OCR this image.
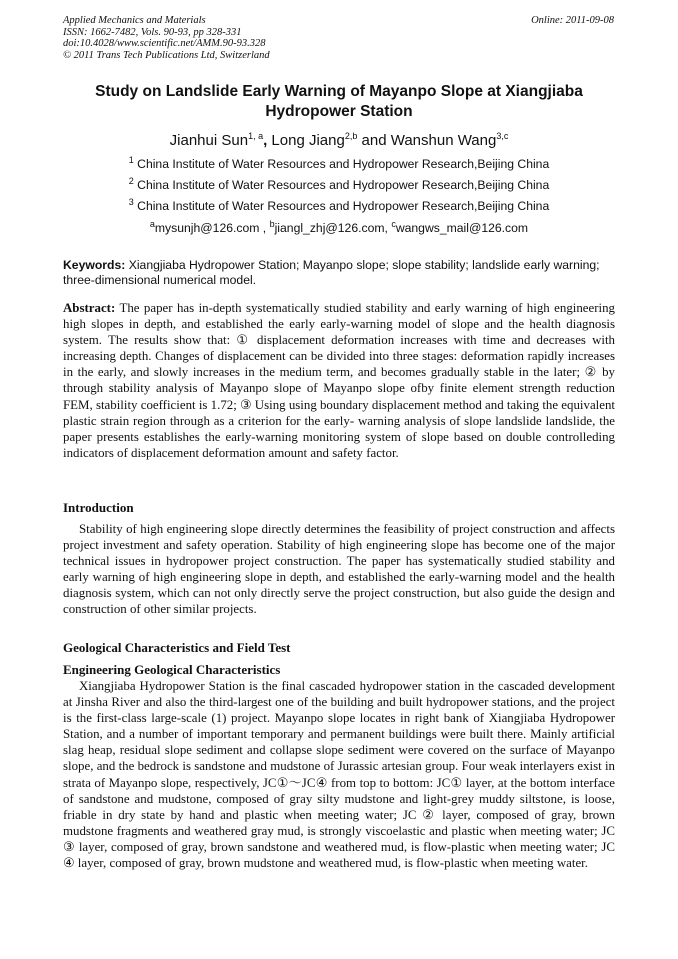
Applied Mechanics and Materials
ISSN: 1662-7482, Vols. 90-93, pp 328-331
doi:10.4028/www.scientific.net/AMM.90-93.328
© 2011 Trans Tech Publications Ltd, Switzerland
Online: 2011-09-08
Study on Landslide Early Warning of Mayanpo Slope at Xiangjiaba Hydropower Station
Jianhui Sun$^{1, a}$, Long Jiang$^{2,b}$ and Wanshun Wang$^{3,c}$
$^1$ China Institute of Water Resources and Hydropower Research,Beijing China
$^2$ China Institute of Water Resources and Hydropower Research,Beijing China
$^3$ China Institute of Water Resources and Hydropower Research,Beijing China
$^a$mysunjh@126.com , $^b$jiangl_zhj@126.com, $^c$wangws_mail@126.com
Keywords: Xiangjiaba Hydropower Station; Mayanpo slope; slope stability; landslide early warning; three-dimensional numerical model.
Abstract: The paper has in-depth systematically studied stability and early warning of high engineering high slopes in depth, and established the early early-warning model of slope and the health diagnosis system. The results show that: ① displacement deformation increases with time and decreases with increasing depth. Changes of displacement can be divided into three stages: deformation rapidly increases in the early, and slowly increases in the medium term, and becomes gradually stable in the later; ② by through stability analysis of Mayanpo slope of Mayanpo slope ofby finite element strength reduction FEM, stability coefficient is 1.72; ③ Using using boundary displacement method and taking the equivalent plastic strain region through as a criterion for the early- warning analysis of slope landslide landslide, the paper presents establishes the early-warning monitoring system of slope based on double controlleding indicators of displacement deformation amount and safety factor.
Introduction
Stability of high engineering slope directly determines the feasibility of project construction and affects project investment and safety operation. Stability of high engineering slope has become one of the major technical issues in hydropower project construction. The paper has systematically studied stability and early warning of high engineering slope in depth, and established the early-warning model and the health diagnosis system, which can not only directly serve the project construction, but also guide the design and construction of other similar projects.
Geological Characteristics and Field Test
Engineering Geological Characteristics
Xiangjiaba Hydropower Station is the final cascaded hydropower station in the cascaded development at Jinsha River and also the third-largest one of the building and built hydropower stations, and the project is the first-class large-scale (1) project. Mayanpo slope locates in right bank of Xiangjiaba Hydropower Station, and a number of important temporary and permanent buildings were built there. Mainly artificial slag heap, residual slope sediment and collapse slope sediment were covered on the surface of Mayanpo slope, and the bedrock is sandstone and mudstone of Jurassic artesian group. Four weak interlayers exist in strata of Mayanpo slope, respectively, JC①～JC④ from top to bottom: JC① layer, at the bottom interface of sandstone and mudstone, composed of gray silty mudstone and light-grey muddy siltstone, is loose, friable in dry state by hand and plastic when meeting water; JC ② layer, composed of gray, brown mudstone fragments and weathered gray mud, is strongly viscoelastic and plastic when meeting water; JC ③ layer, composed of gray, brown sandstone and weathered mud, is flow-plastic when meeting water; JC ④ layer, composed of gray, brown mudstone and weathered mud, is flow-plastic when meeting water.
